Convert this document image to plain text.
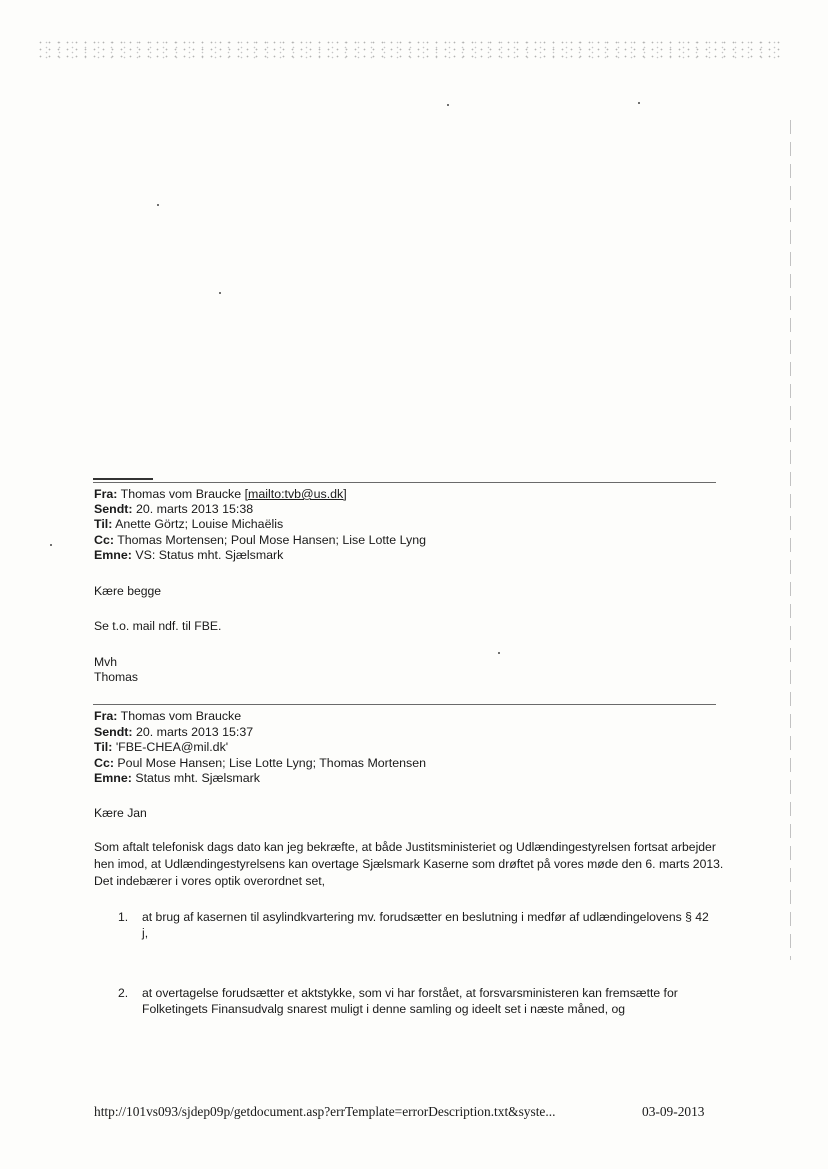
Fra: Thomas vom Braucke [mailto:tvb@us.dk]
Sendt: 20. marts 2013 15:38
Til: Anette Görtz; Louise Michaëlis
Cc: Thomas Mortensen; Poul Mose Hansen; Lise Lotte Lyng
Emne: VS: Status mht. Sjælsmark
Kære begge
Se t.o. mail ndf. til FBE.
Mvh
Thomas
Fra: Thomas vom Braucke
Sendt: 20. marts 2013 15:37
Til: 'FBE-CHEA@mil.dk'
Cc: Poul Mose Hansen; Lise Lotte Lyng; Thomas Mortensen
Emne: Status mht. Sjælsmark
Kære Jan
Som aftalt telefonisk dags dato kan jeg bekræfte, at både Justitsministeriet og Udlændingestyrelsen fortsat arbejder hen imod, at Udlændingestyrelsens kan overtage Sjælsmark Kaserne som drøftet på vores møde den 6. marts 2013. Det indebærer i vores optik overordnet set,
1. at brug af kasernen til asylindkvartering mv. forudsætter en beslutning i medfør af udlændingelovens § 42 j,
2. at overtagelse forudsætter et aktstykke, som vi har forstået, at forsvarsministeren kan fremsætte for Folketingets Finansudvalg snarest muligt i denne samling og ideelt set i næste måned, og
http://101vs093/sjdep09p/getdocument.asp?errTemplate=errorDescription.txt&syste...	03-09-2013
